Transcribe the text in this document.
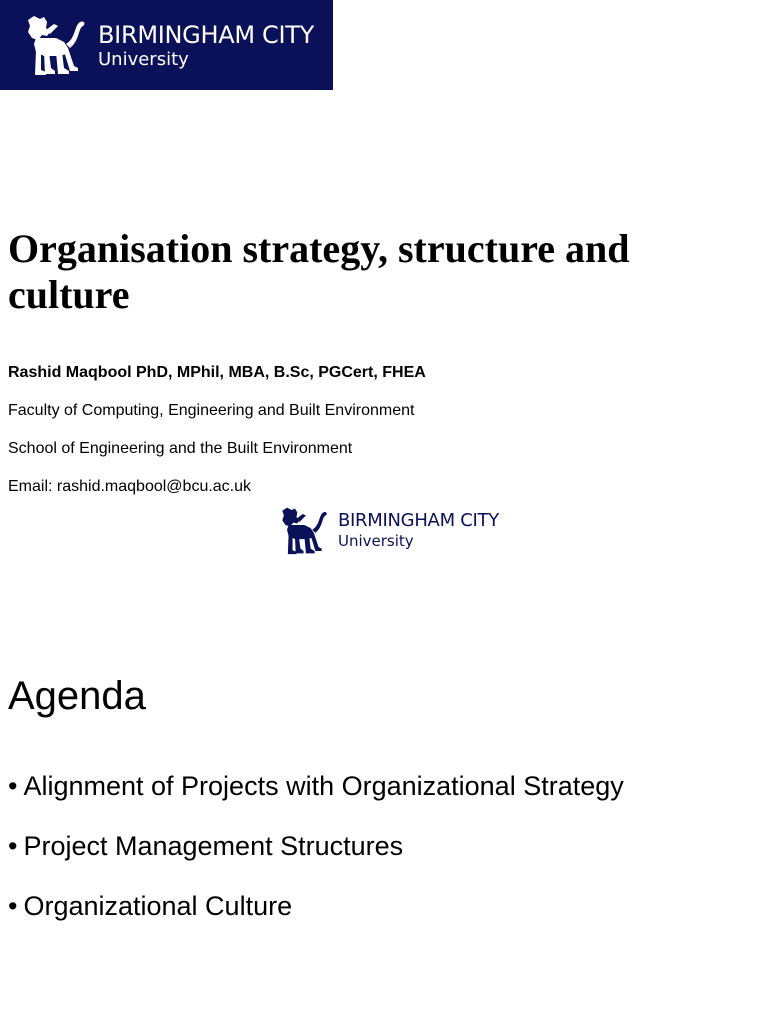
BIRMINGHAM CITY
University
Organisation strategy, structure and culture
Rashid Maqbool PhD, MPhil, MBA, B.Sc, PGCert, FHEA
Faculty of Computing, Engineering and Built Environment
School of Engineering and the Built Environment
Email: rashid.maqbool@bcu.ac.uk
BIRMINGHAM CITY
University
Agenda
• Alignment of Projects with Organizational Strategy
• Project Management Structures
• Organizational Culture
